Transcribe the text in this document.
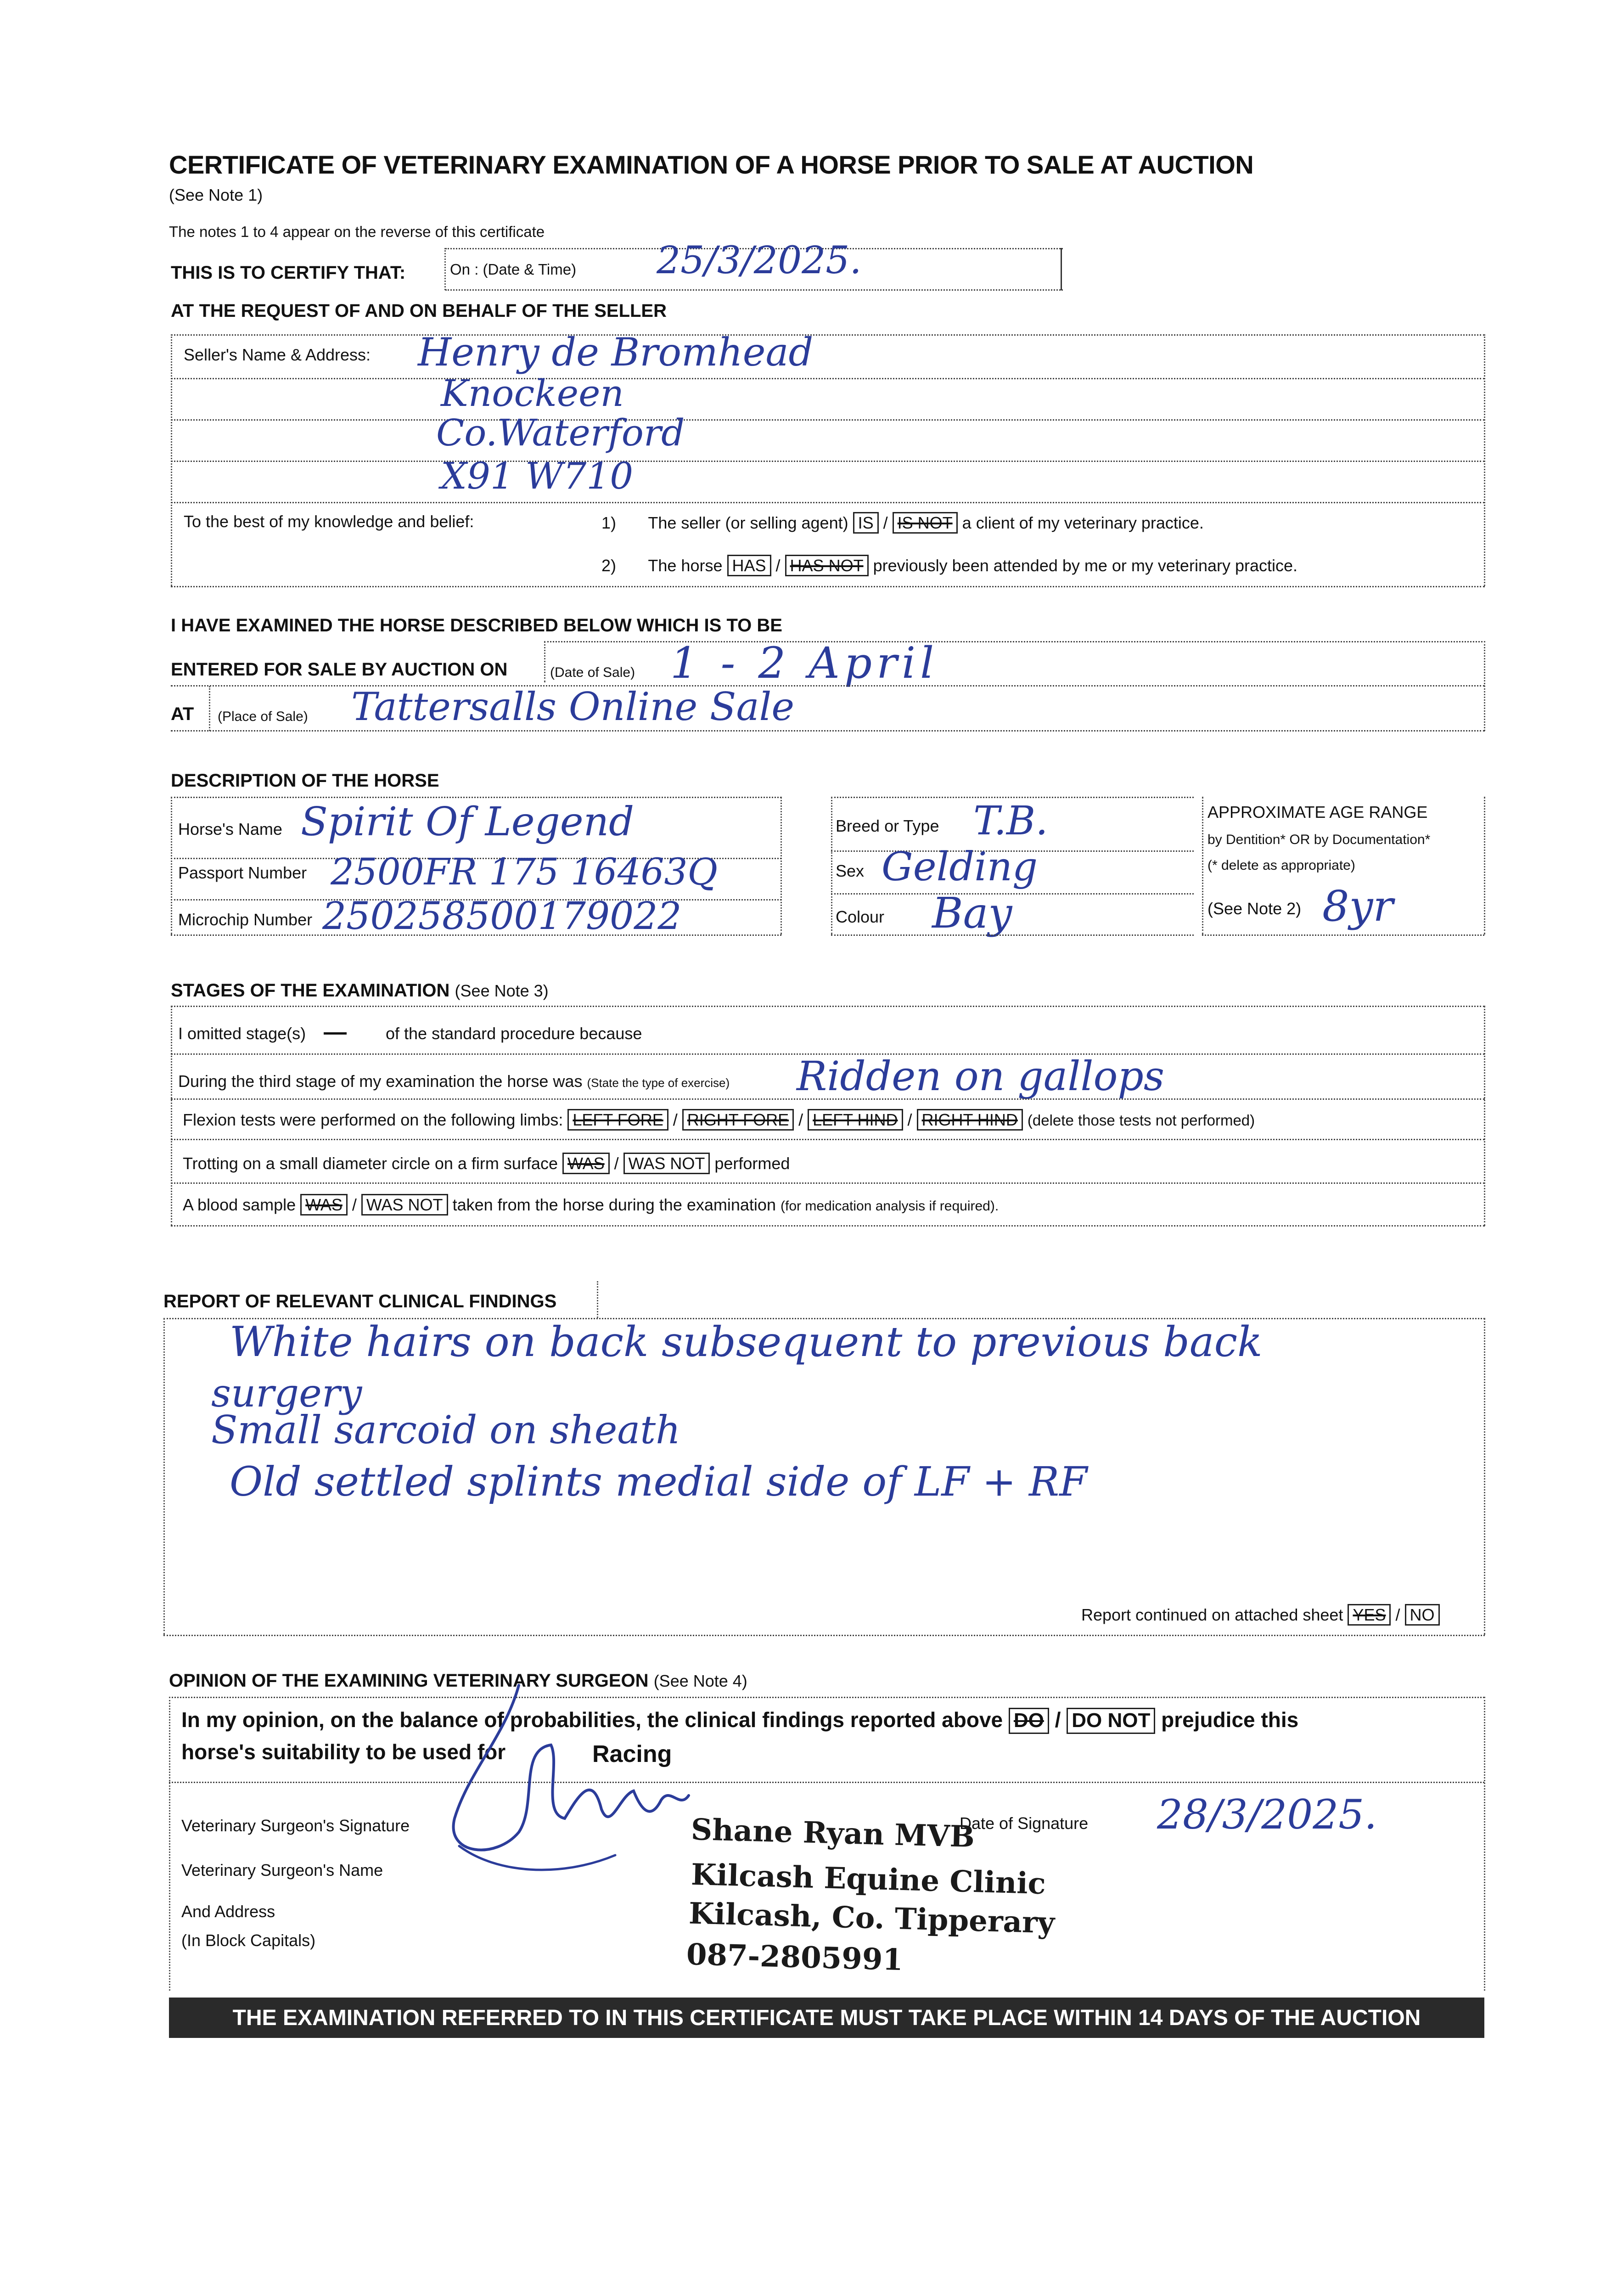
CERTIFICATE OF VETERINARY EXAMINATION OF A HORSE PRIOR TO SALE AT AUCTION
(See Note 1)
The notes 1 to 4 appear on the reverse of this certificate
THIS IS TO CERTIFY THAT:	On : (Date & Time) 25/3/2025.
AT THE REQUEST OF AND ON BEHALF OF THE SELLER
Seller's Name & Address: Henry de Bromhead
Knockeen
Co.Waterford
X91 W710
To the best of my knowledge and belief:	1) The seller (or selling agent) IS / IS NOT a client of my veterinary practice.
2) The horse HAS / HAS NOT previously been attended by me or my veterinary practice.
I HAVE EXAMINED THE HORSE DESCRIBED BELOW WHICH IS TO BE
ENTERED FOR SALE BY AUCTION ON	(Date of Sale) 1 - 2 April
AT (Place of Sale) Tattersalls Online Sale
DESCRIPTION OF THE HORSE
Horse's Name Spirit Of Legend
Passport Number 2500FR 175 16463Q
Microchip Number 250258500179022
Breed or Type T.B.
Sex Gelding
Colour Bay
APPROXIMATE AGE RANGE
by Dentition* OR by Documentation*
(* delete as appropriate)
(See Note 2) 8yr
STAGES OF THE EXAMINATION (See Note 3)
I omitted stage(s) — of the standard procedure because
During the third stage of my examination the horse was (State the type of exercise) Ridden on gallops
Flexion tests were performed on the following limbs: LEFT FORE / RIGHT FORE / LEFT HIND / RIGHT HIND (delete those tests not performed)
Trotting on a small diameter circle on a firm surface WAS / WAS NOT performed
A blood sample WAS / WAS NOT taken from the horse during the examination (for medication analysis if required).
REPORT OF RELEVANT CLINICAL FINDINGS
White hairs on back subsequent to previous back
surgery
Small sarcoid on sheath
Old settled splints medial side of LF + RF
Report continued on attached sheet YES / NO
OPINION OF THE EXAMINING VETERINARY SURGEON (See Note 4)
In my opinion, on the balance of probabilities, the clinical findings reported above DO / DO NOT prejudice this
horse's suitability to be used for	Racing
Veterinary Surgeon's Signature
Veterinary Surgeon's Name
And Address
(In Block Capitals)
Date of Signature 28/3/2025.
Shane Ryan MVB
Kilcash Equine Clinic
Kilcash, Co. Tipperary
087-2805991
THE EXAMINATION REFERRED TO IN THIS CERTIFICATE MUST TAKE PLACE WITHIN 14 DAYS OF THE AUCTION
